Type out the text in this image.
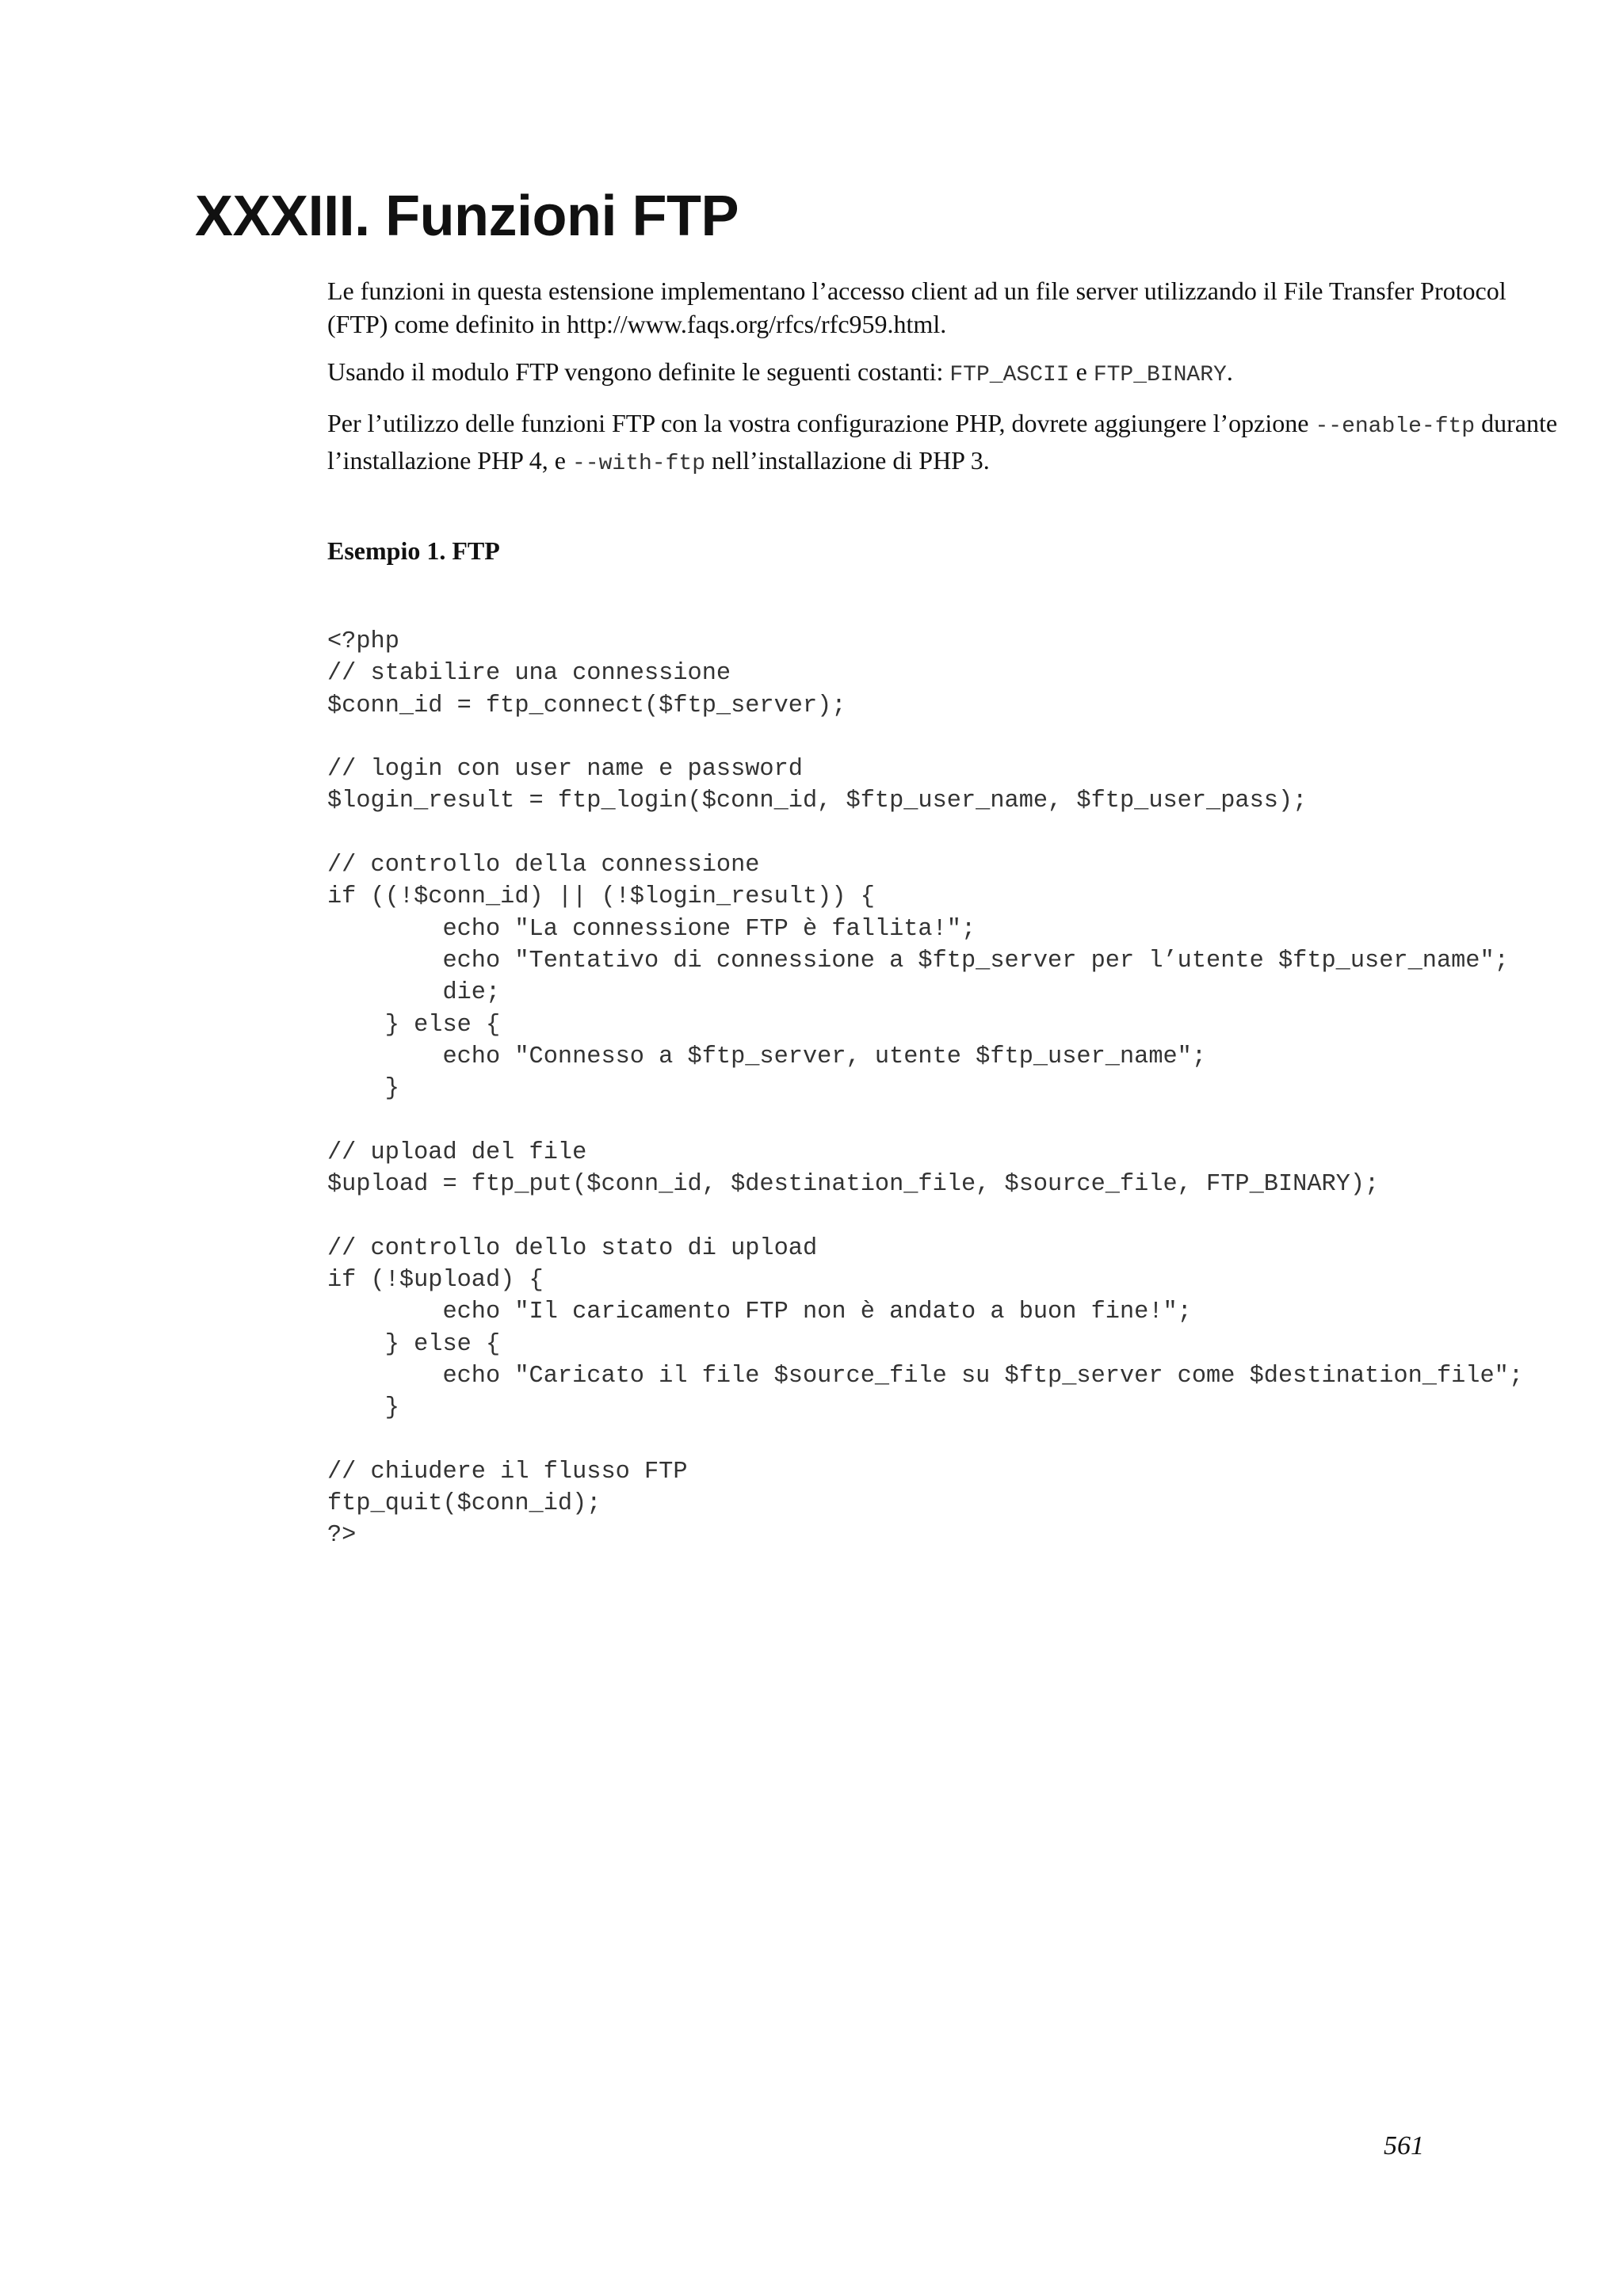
XXXIII. Funzioni FTP

Le funzioni in questa estensione implementano l’accesso client ad un file server utilizzando il File Transfer Protocol (FTP) come definito in http://www.faqs.org/rfcs/rfc959.html.

Usando il modulo FTP vengono definite le seguenti costanti: FTP_ASCII e FTP_BINARY.

Per l’utilizzo delle funzioni FTP con la vostra configurazione PHP, dovrete aggiungere l’opzione --enable-ftp durante l’installazione PHP 4, e --with-ftp nell’installazione di PHP 3.

Esempio 1. FTP

<?php
// stabilire una connessione
$conn_id = ftp_connect($ftp_server);
// login con user name e password
$login_result = ftp_login($conn_id, $ftp_user_name, $ftp_user_pass);
// controllo della connessione
if ((!$conn_id) || (!$login_result)) {
echo "La connessione FTP è fallita!";
echo "Tentativo di connessione a $ftp_server per l’utente $ftp_user_name";
die;
} else {
echo "Connesso a $ftp_server, utente $ftp_user_name";
}
// upload del file
$upload = ftp_put($conn_id, $destination_file, $source_file, FTP_BINARY);
// controllo dello stato di upload
if (!$upload) {
echo "Il caricamento FTP non è andato a buon fine!";
} else {
echo "Caricato il file $source_file su $ftp_server come $destination_file";
}
// chiudere il flusso FTP
ftp_quit($conn_id);
?>

561
